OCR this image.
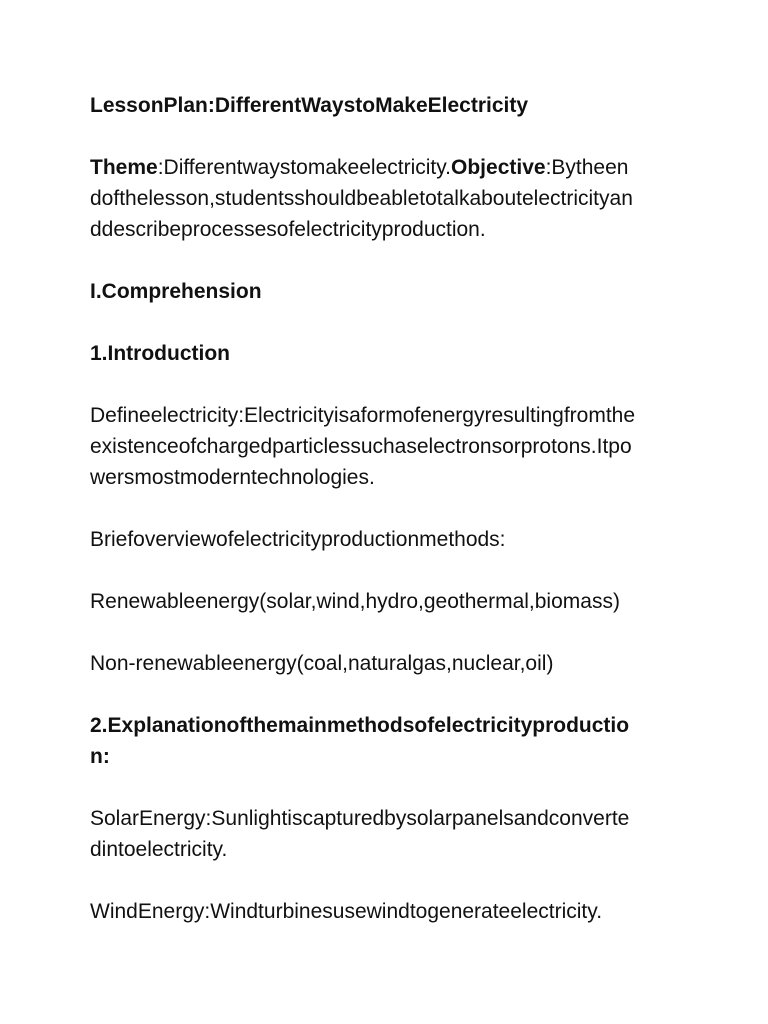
LessonPlan:DifferentWaystoMakeElectricity
Theme:Differentwaystomakeelectricity.Objective:Bytheen
dofthelesson,studentsshouldbeabletotalkaboutelectricityan
ddescribeprocessesofelectricityproduction.
I.Comprehension
1.Introduction
Defineelectricity:Electricityisaformofenergyresultingfromthe
existenceofchargedparticlessuchaselectronsorprotons.Itpo
wersmostmoderntechnologies.
Briefoverviewofelectricityproductionmethods:
Renewableenergy(solar,wind,hydro,geothermal,biomass)
Non-renewableenergy(coal,naturalgas,nuclear,oil)
2.Explanationofthemainmethodsofelectricityproductio
n:
SolarEnergy:Sunlightiscapturedbysolarpanelsandconverte
dintoelectricity.
WindEnergy:Windturbinesusewindtogenerateelectricity.
